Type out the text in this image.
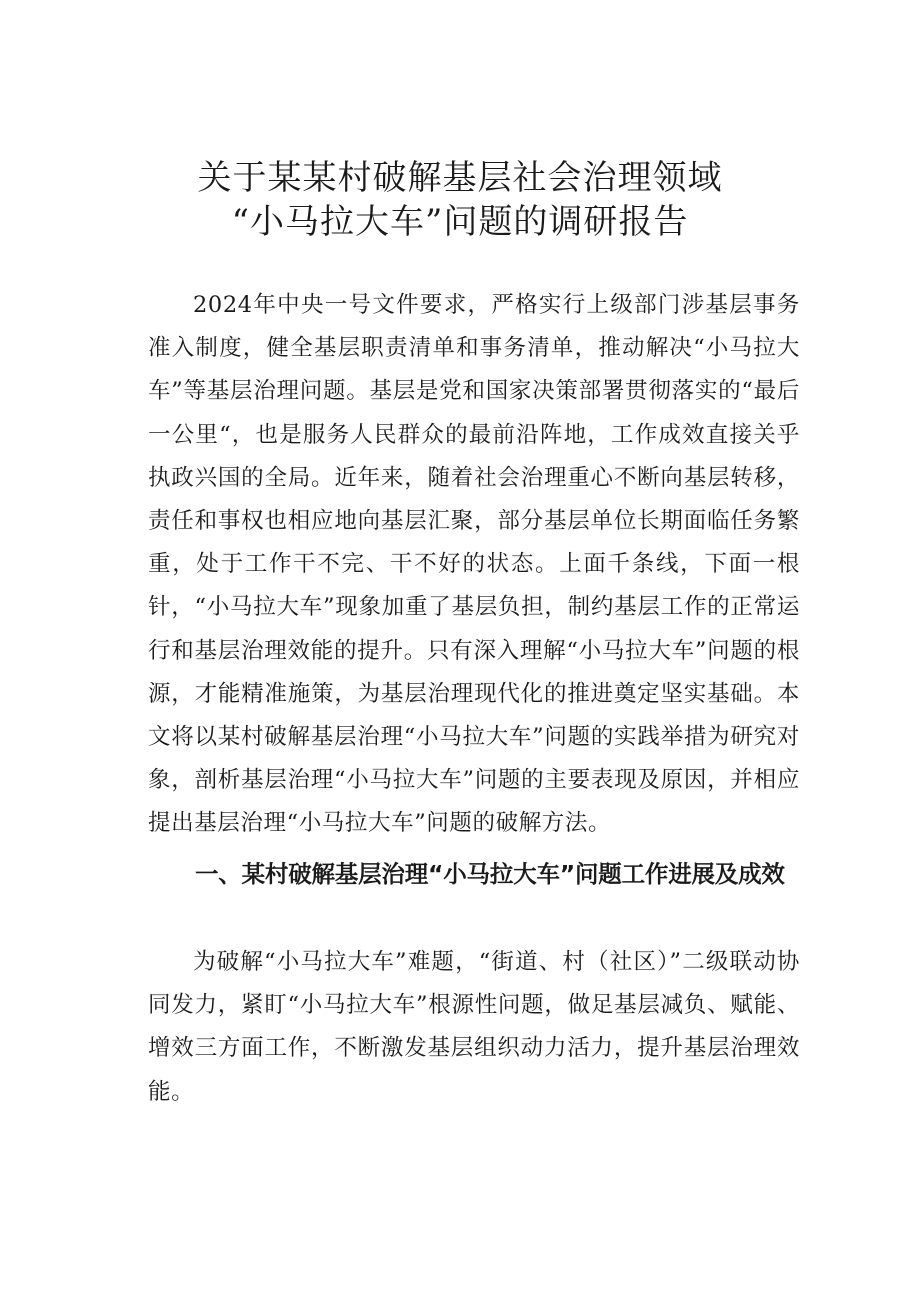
关于某某村破解基层社会治理领域
“小马拉大车”问题的调研报告

2024年中央一号文件要求，严格实行上级部门涉基层事务准入制度，健全基层职责清单和事务清单，推动解决“小马拉大车”等基层治理问题。基层是党和国家决策部署贯彻落实的“最后一公里“，也是服务人民群众的最前沿阵地，工作成效直接关乎执政兴国的全局。近年来，随着社会治理重心不断向基层转移，责任和事权也相应地向基层汇聚，部分基层单位长期面临任务繁重，处于工作干不完、干不好的状态。上面千条线，下面一根针，“小马拉大车”现象加重了基层负担，制约基层工作的正常运行和基层治理效能的提升。只有深入理解“小马拉大车”问题的根源，才能精准施策，为基层治理现代化的推进奠定坚实基础。本文将以某村破解基层治理“小马拉大车”问题的实践举措为研究对象，剖析基层治理“小马拉大车”问题的主要表现及原因，并相应提出基层治理“小马拉大车”问题的破解方法。

一、某村破解基层治理“小马拉大车”问题工作进展及成效

为破解“小马拉大车”难题，“街道、村（社区）”二级联动协同发力，紧盯“小马拉大车”根源性问题，做足基层减负、赋能、增效三方面工作，不断激发基层组织动力活力，提升基层治理效能。
